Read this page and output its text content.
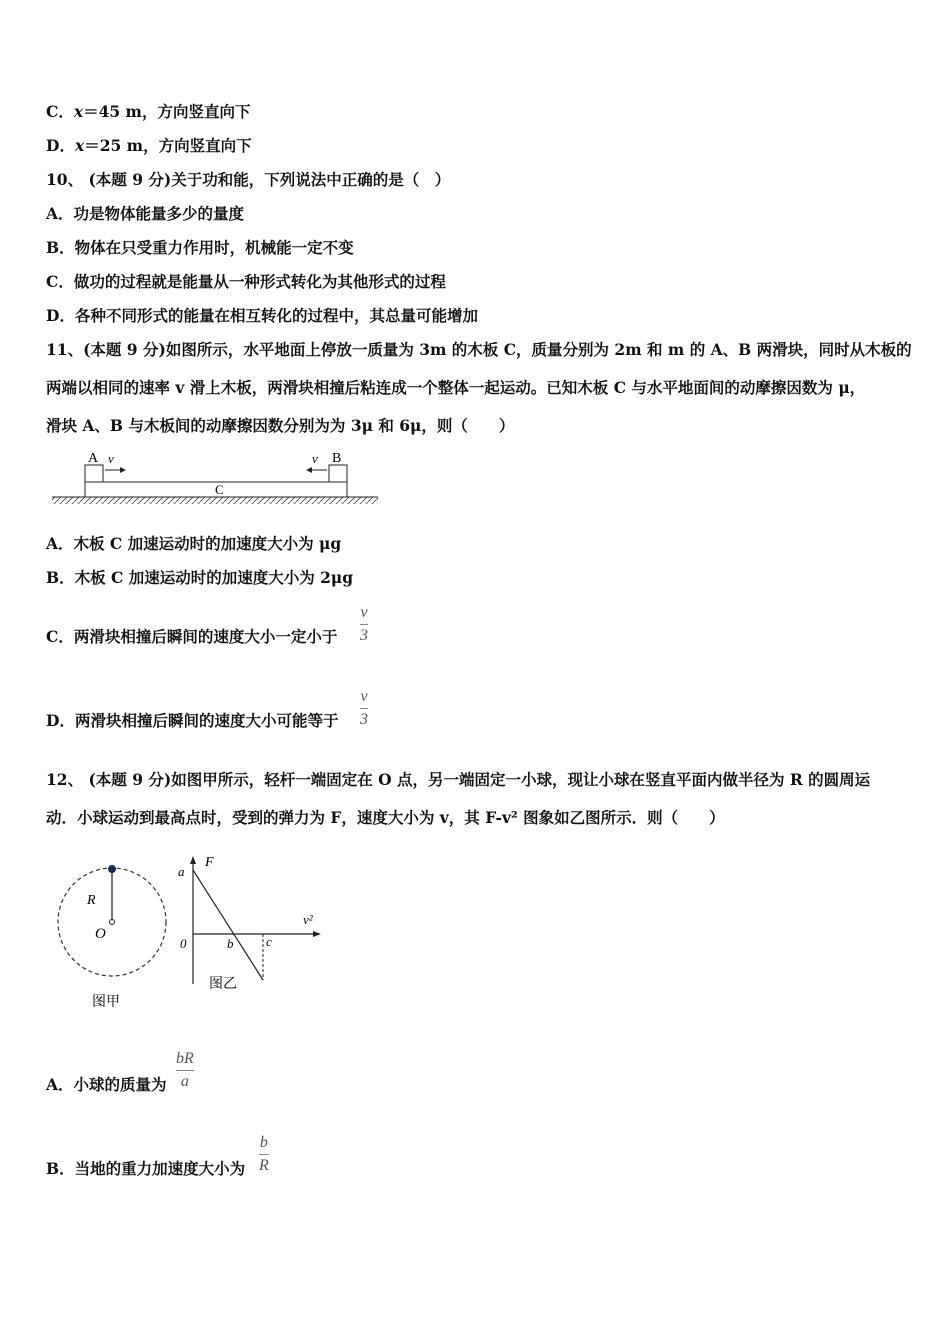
C．x＝45 m，方向竖直向下
D．x＝25 m，方向竖直向下
10、 (本题 9 分)关于功和能，下列说法中正确的是（　）
A．功是物体能量多少的量度
B．物体在只受重力作用时，机械能一定不变
C．做功的过程就是能量从一种形式转化为其他形式的过程
D．各种不同形式的能量在相互转化的过程中，其总量可能增加
11、(本题 9 分)如图所示，水平地面上停放一质量为 3m 的木板 C，质量分别为 2m 和 m 的 A、B 两滑块，同时从木板的
两端以相同的速率 v 滑上木板，两滑块相撞后粘连成一个整体一起运动。已知木板 C 与水平地面间的动摩擦因数为 μ，
滑块 A、B 与木板间的动摩擦因数分别为为 3μ 和 6μ，则（　　）
A	B
C
v	v
A．木板 C 加速运动时的加速度大小为 μg
B．木板 C 加速运动时的加速度大小为 2μg
C．两滑块相撞后瞬间的速度大小一定小于
v
3
D．两滑块相撞后瞬间的速度大小可能等于
v
3
12、 (本题 9 分)如图甲所示，轻杆一端固定在 O 点，另一端固定一小球，现让小球在竖直平面内做半径为 R 的圆周运
动．小球运动到最高点时，受到的弹力为 F，速度大小为 v，其 F-v² 图象如乙图所示．则（　　）
R
O
图甲
F
a
0	b	c
v²
图乙
A．小球的质量为
bR
a
B．当地的重力加速度大小为
b
R
